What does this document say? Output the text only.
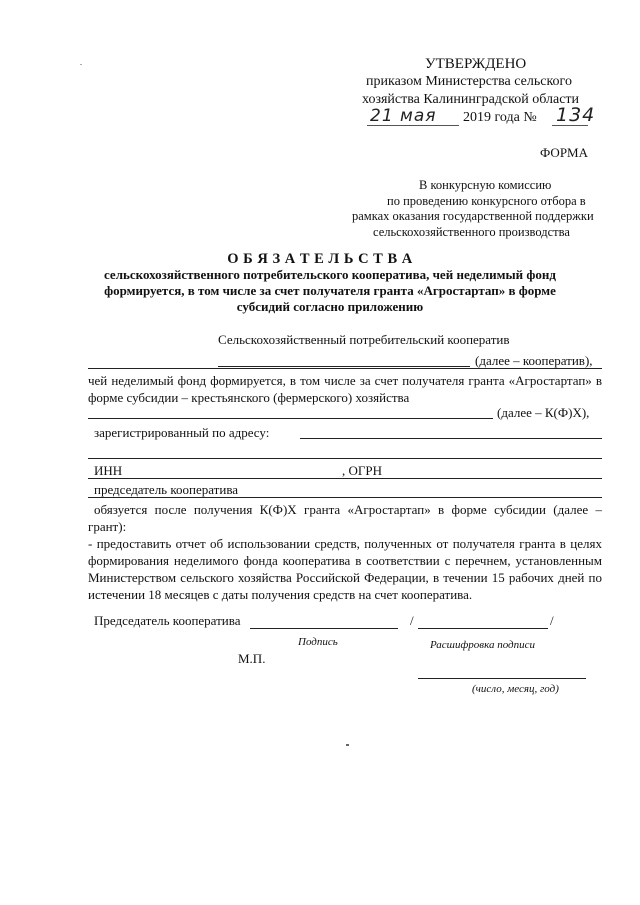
УТВЕРЖДЕНО
приказом Министерства сельского
хозяйства Калининградской области
21 мая 2019 года № 134
ФОРМА
В конкурсную комиссию
по проведению конкурсного отбора в
рамках оказания государственной поддержки
сельскохозяйственного производства
О Б Я З А Т Е Л Ь С Т В А
сельскохозяйственного потребительского кооператива, чей неделимый фонд
формируется, в том числе за счет получателя гранта «Агростартап» в форме
субсидий согласно приложению
Сельскохозяйственный потребительский кооператив
(далее – кооператив),
чей неделимый фонд формируется, в том числе за счет получателя гранта «Агростартап» в форме субсидии – крестьянского (фермерского) хозяйства
(далее – К(Ф)Х),
зарегистрированный по адресу:
ИНН	, ОГРН
председатель кооператива
обязуется после получения К(Ф)Х гранта «Агростартап» в форме субсидии (далее – грант):
- предоставить отчет об использовании средств, полученных от получателя гранта в целях формирования неделимого фонда кооператива в соответствии с перечнем, установленным Министерством сельского хозяйства Российской Федерации, в течении 15 рабочих дней по истечении 18 месяцев с даты получения средств на счет кооператива.
Председатель кооператива	/	/
Подпись	Расшифровка подписи
М.П.
(число, месяц, год)
